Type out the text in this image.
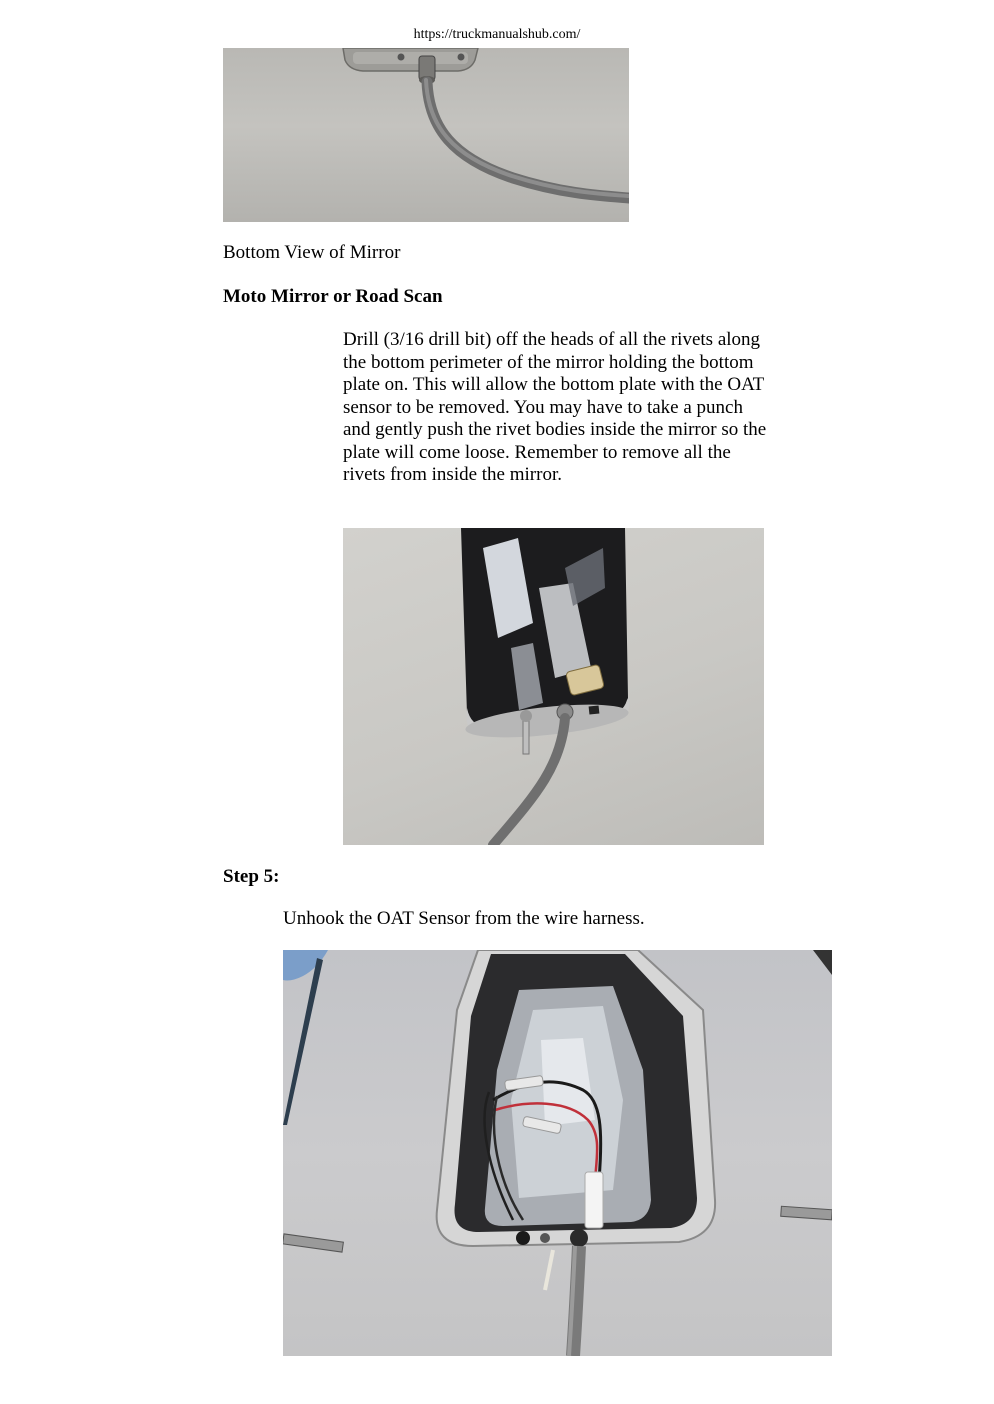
https://truckmanualshub.com/
Bottom View of Mirror
Moto Mirror or Road Scan
Drill (3/16 drill bit) off the heads of all the rivets along the bottom perimeter of the mirror holding the bottom plate on. This will allow the bottom plate with the OAT sensor to be removed. You may have to take a punch and gently push the rivet bodies inside the mirror so the plate will come loose. Remember to remove all the rivets from inside the mirror.
Step 5:
Unhook the OAT Sensor from the wire harness.
